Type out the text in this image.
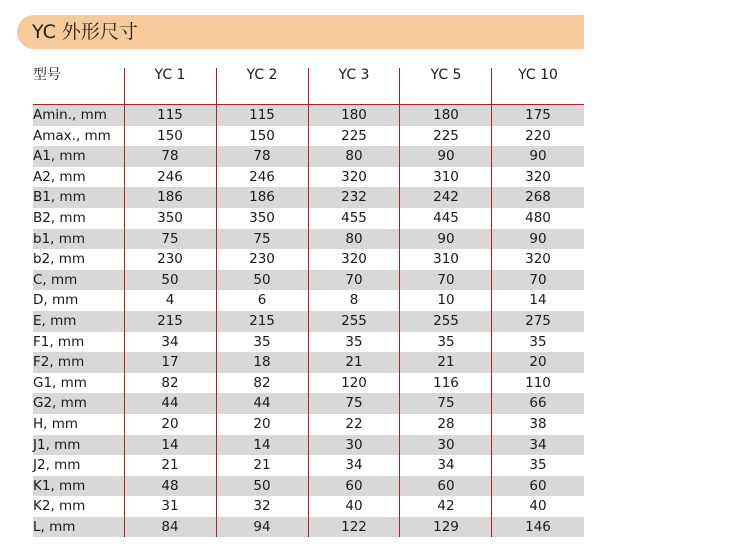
YC 外形尺寸
型号	YC 1	YC 2	YC 3	YC 5	YC 10
Amin., mm	115	115	180	180	175
Amax., mm	150	150	225	225	220
A1, mm	78	78	80	90	90
A2, mm	246	246	320	310	320
B1, mm	186	186	232	242	268
B2, mm	350	350	455	445	480
b1, mm	75	75	80	90	90
b2, mm	230	230	320	310	320
C, mm	50	50	70	70	70
D, mm	4	6	8	10	14
E, mm	215	215	255	255	275
F1, mm	34	35	35	35	35
F2, mm	17	18	21	21	20
G1, mm	82	82	120	116	110
G2, mm	44	44	75	75	66
H, mm	20	20	22	28	38
J1, mm	14	14	30	30	34
J2, mm	21	21	34	34	35
K1, mm	48	50	60	60	60
K2, mm	31	32	40	42	40
L, mm	84	94	122	129	146
